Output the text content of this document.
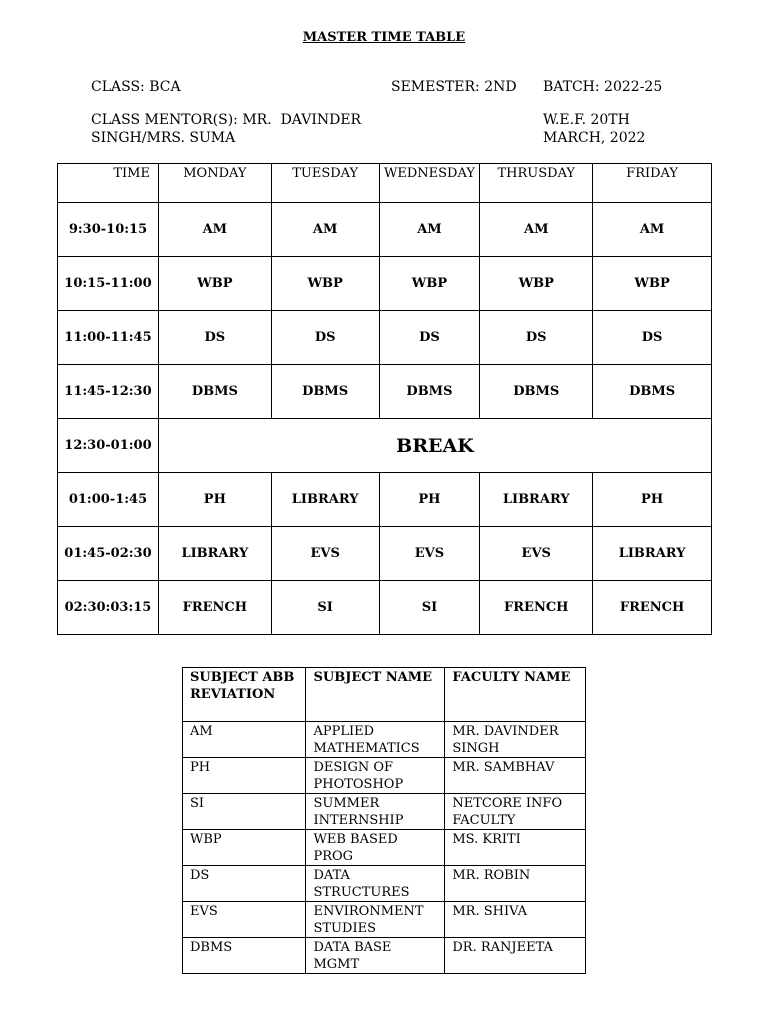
MASTER TIME TABLE
CLASS: BCA	SEMESTER: 2ND BATCH: 2022-25
CLASS MENTOR(S): MR.  DAVINDER
SINGH/MRS. SUMA
W.E.F. 20TH
MARCH, 2022
TIME	MONDAY	TUESDAY	WEDNESDAY	THRUSDAY	FRIDAY
9:30-10:15	AM	AM	AM	AM	AM
10:15-11:00	WBP	WBP	WBP	WBP	WBP
11:00-11:45	DS	DS	DS	DS	DS
11:45-12:30	DBMS	DBMS	DBMS	DBMS	DBMS
12:30-01:00	BREAK				
01:00-1:45	PH	LIBRARY	PH	LIBRARY	PH
01:45-02:30	LIBRARY	EVS	EVS	EVS	LIBRARY
02:30:03:15	FRENCH	SI	SI	FRENCH	FRENCH
SUBJECT ABBREVIATION	SUBJECT NAME	FACULTY NAME
AM	APPLIED MATHEMATICS	MR. DAVINDER SINGH
PH	DESIGN OF PHOTOSHOP	MR. SAMBHAV
SI	SUMMER INTERNSHIP	NETCORE INFO FACULTY
WBP	WEB BASED PROG	MS. KRITI
DS	DATA STRUCTURES	MR. ROBIN
EVS	ENVIRONMENT STUDIES	MR. SHIVA
DBMS	DATA BASE MGMT	DR. RANJEETA
